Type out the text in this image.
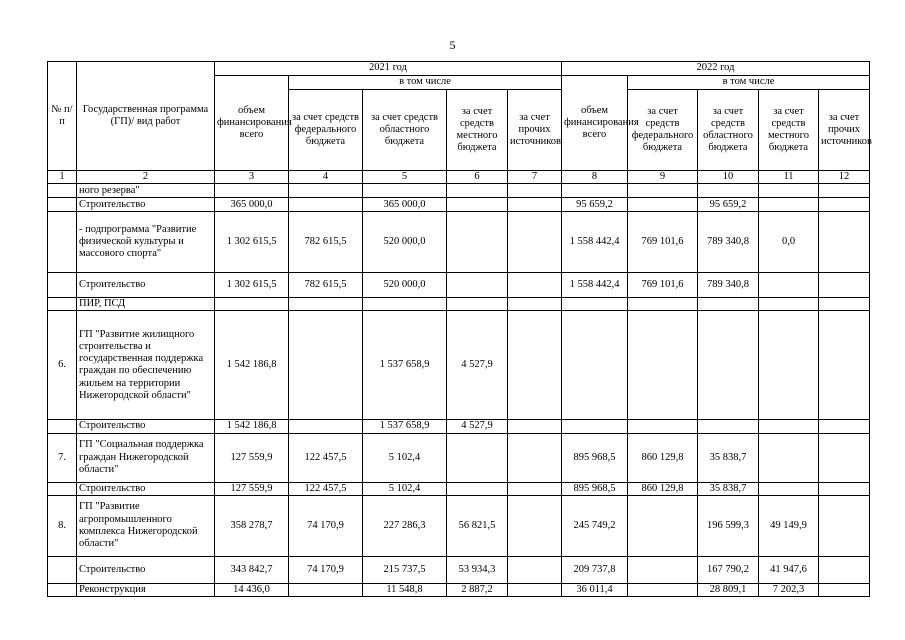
5
№ п/п	Государственная программа (ГП)/ вид работ	2021 год					2022 год				
		объем финансирования всего	в том числе				объем финансирования всего	в том числе			
			за счет средств федерального бюджета	за счет средств областного бюджета	за счет средств местного бюджета	за счет прочих источников		за счет средств федерального бюджета	за счет средств областного бюджета	за счет средств местного бюджета	за счет прочих источников
1	2	3	4	5	6	7	8	9	10	11	12
	ного резерва"										
	Строительство	365 000,0		365 000,0			95 659,2		95 659,2		
	- подпрограмма "Развитие физической культуры и массового спорта"	1 302 615,5	782 615,5	520 000,0			1 558 442,4	769 101,6	789 340,8	0,0	
	Строительство	1 302 615,5	782 615,5	520 000,0			1 558 442,4	769 101,6	789 340,8		
	ПИР, ПСД										
6.	ГП "Развитие жилищного строительства и государственная поддержка граждан по обеспечению жильем на территории Нижегородской области"	1 542 186,8		1 537 658,9	4 527,9						
	Строительство	1 542 186,8		1 537 658,9	4 527,9						
7.	ГП "Социальная поддержка граждан Нижегородской области"	127 559,9	122 457,5	5 102,4			895 968,5	860 129,8	35 838,7		
	Строительство	127 559,9	122 457,5	5 102,4			895 968,5	860 129,8	35 838,7		
8.	ГП "Развитие агропромышленного комплекса Нижегородской области"	358 278,7	74 170,9	227 286,3	56 821,5		245 749,2		196 599,3	49 149,9	
	Строительство	343 842,7	74 170,9	215 737,5	53 934,3		209 737,8		167 790,2	41 947,6	
	Реконструкция	14 436,0		11 548,8	2 887,2		36 011,4		28 809,1	7 202,3	
